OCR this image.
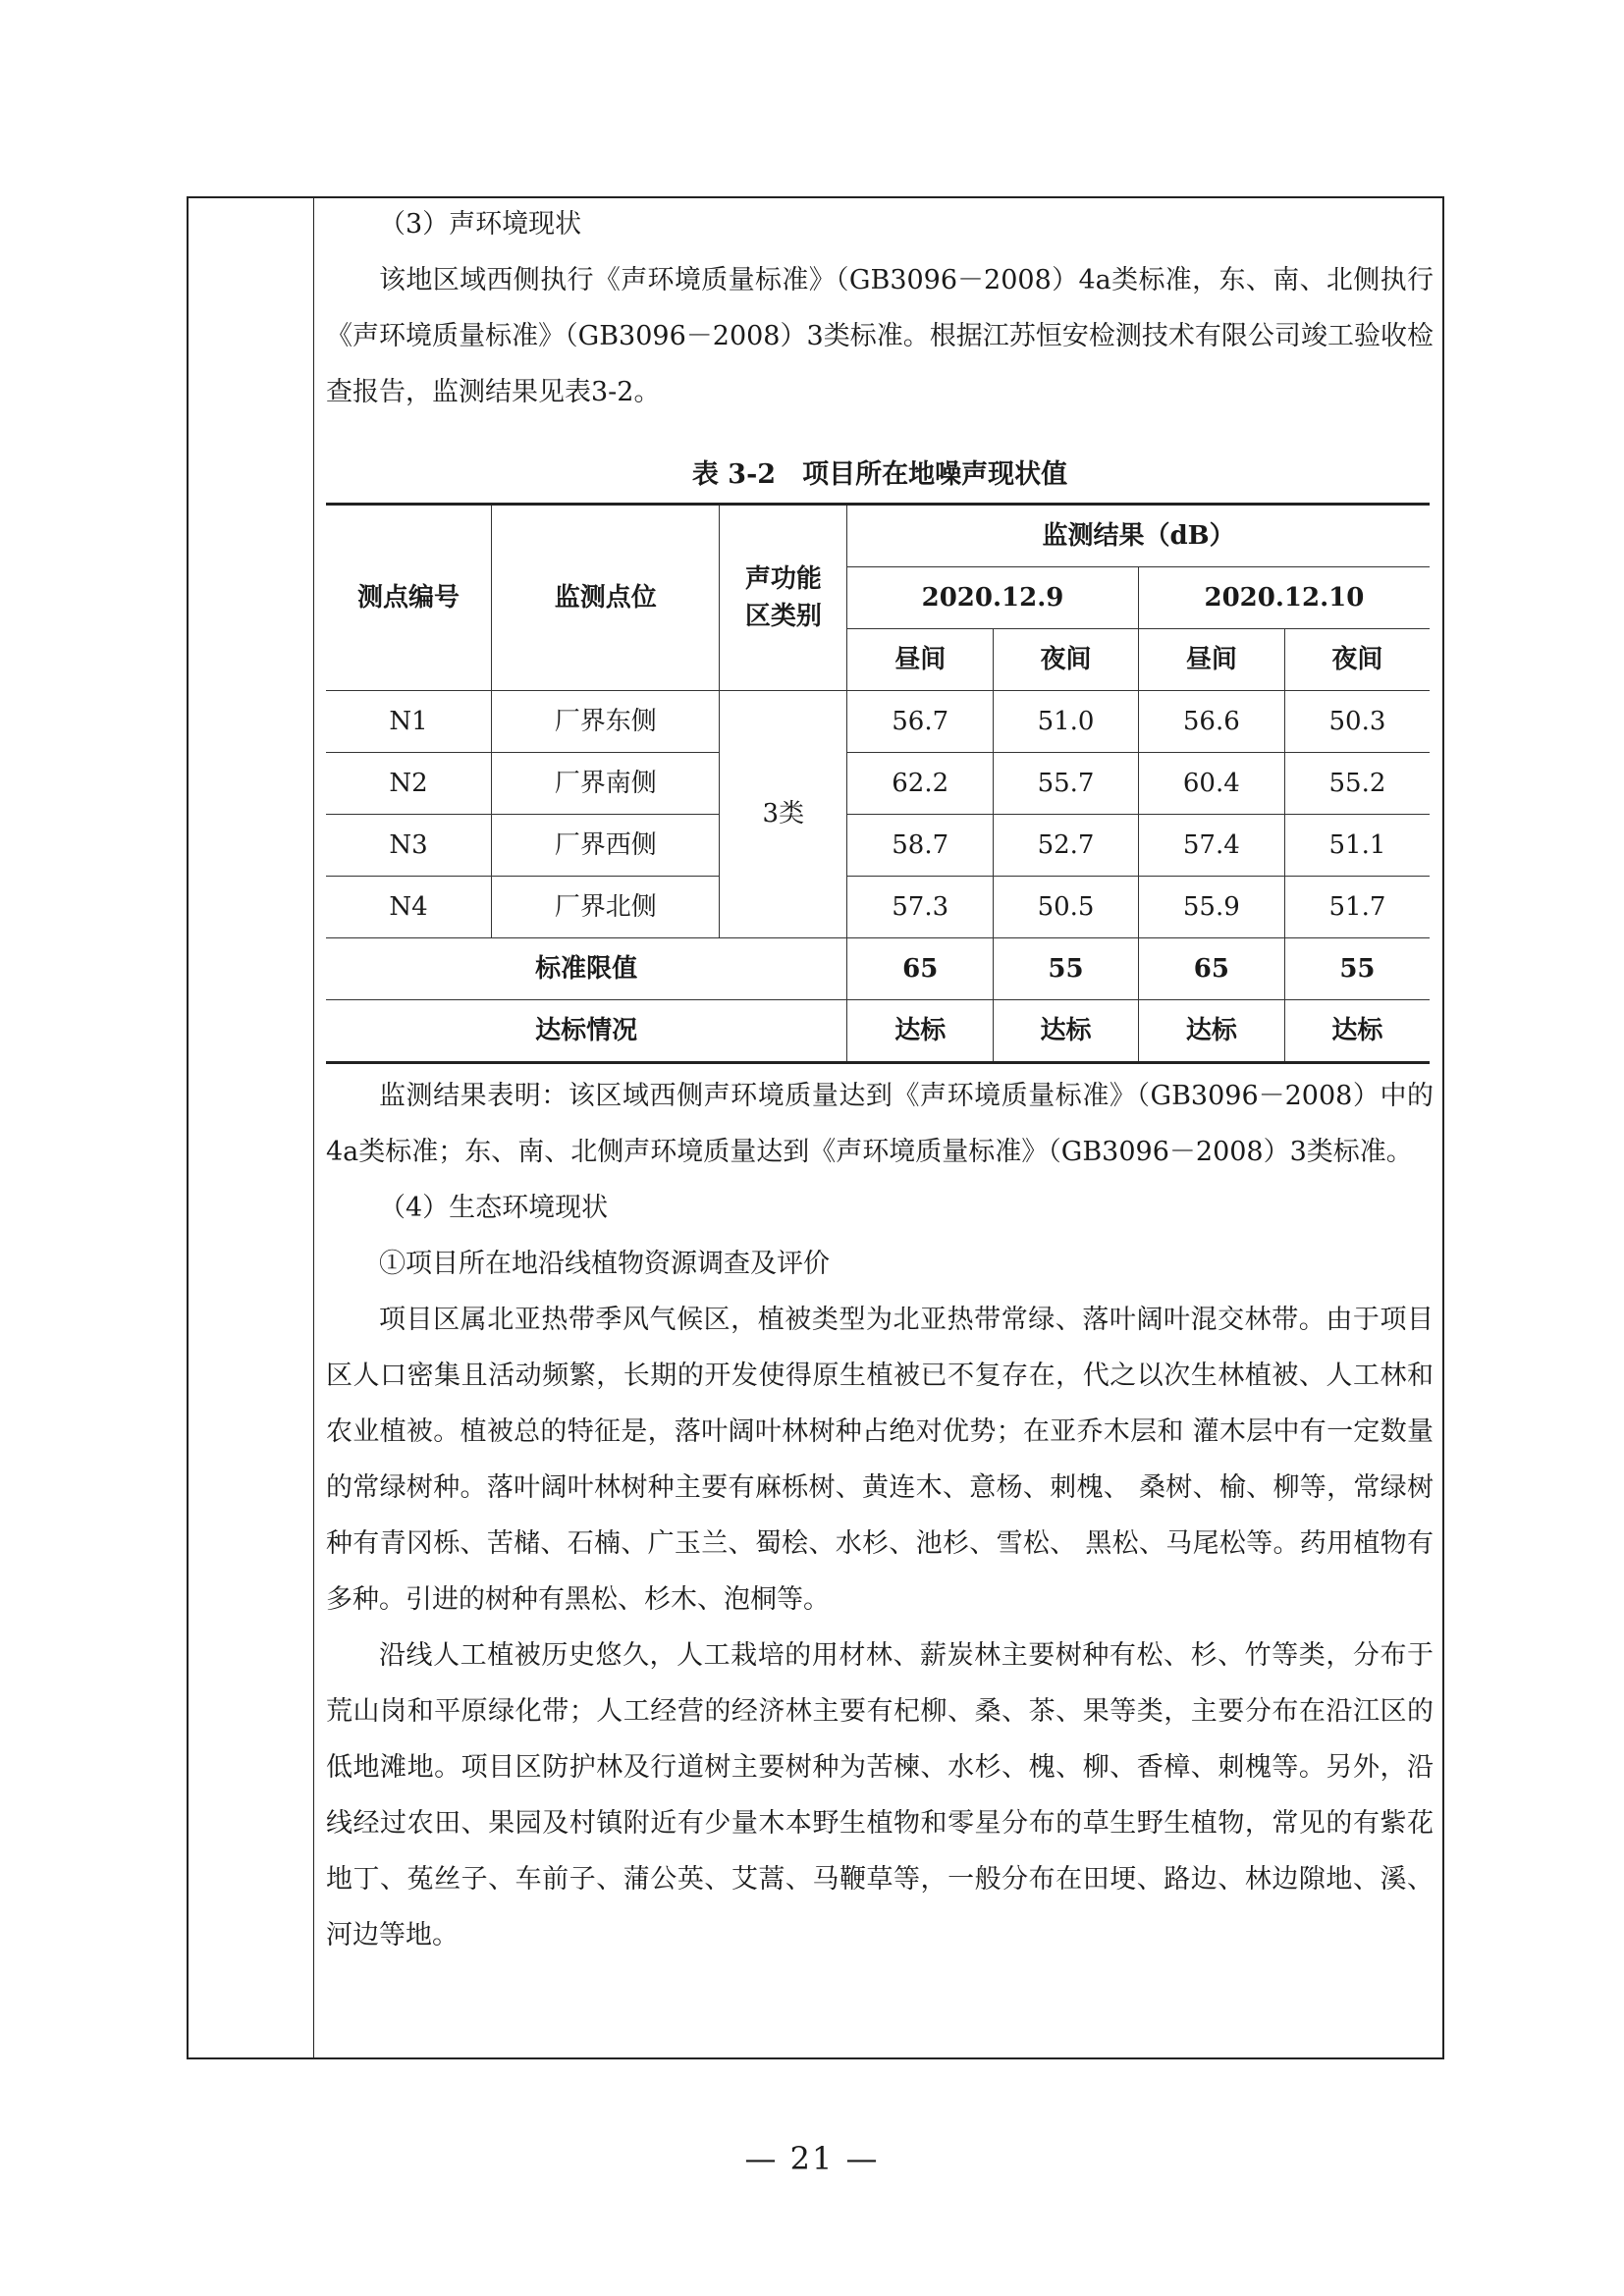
（3）声环境现状

该地区域西侧执行《声环境质量标准》（GB3096－2008）4a类标准，东、南、北侧执行《声环境质量标准》（GB3096－2008）3类标准。根据江苏恒安检测技术有限公司竣工验收检查报告，监测结果见表3-2。

表 3-2　项目所在地噪声现状值
测点编号	监测点位	声功能区类别	监测结果（dB）			
			2020.12.9		2020.12.10	
			昼间	夜间	昼间	夜间
N1	厂界东侧	3类	56.7	51.0	56.6	50.3
N2	厂界南侧		62.2	55.7	60.4	55.2
N3	厂界西侧		58.7	52.7	57.4	51.1
N4	厂界北侧		57.3	50.5	55.9	51.7
标准限值			65	55	65	55
达标情况			达标	达标	达标	达标

监测结果表明：该区域西侧声环境质量达到《声环境质量标准》（GB3096－2008）中的4a类标准；东、南、北侧声环境质量达到《声环境质量标准》（GB3096－2008）3类标准。

（4）生态环境现状

①项目所在地沿线植物资源调查及评价

项目区属北亚热带季风气候区，植被类型为北亚热带常绿、落叶阔叶混交林带。由于项目区人口密集且活动频繁，长期的开发使得原生植被已不复存在，代之以次生林植被、人工林和农业植被。植被总的特征是，落叶阔叶林树种占绝对优势；在亚乔木层和 灌木层中有一定数量的常绿树种。落叶阔叶林树种主要有麻栎树、黄连木、意杨、刺槐、 桑树、榆、柳等，常绿树种有青冈栎、苦槠、石楠、广玉兰、蜀桧、水杉、池杉、雪松、 黑松、马尾松等。药用植物有多种。引进的树种有黑松、杉木、泡桐等。

沿线人工植被历史悠久，人工栽培的用材林、薪炭林主要树种有松、杉、竹等类，分布于荒山岗和平原绿化带；人工经营的经济林主要有杞柳、桑、茶、果等类，主要分布在沿江区的低地滩地。项目区防护林及行道树主要树种为苦楝、水杉、槐、柳、香樟、刺槐等。另外，沿线经过农田、果园及村镇附近有少量木本野生植物和零星分布的草生野生植物，常见的有紫花地丁、菟丝子、车前子、蒲公英、艾蒿、马鞭草等，一般分布在田埂、路边、林边隙地、溪、河边等地。

— 21 —
